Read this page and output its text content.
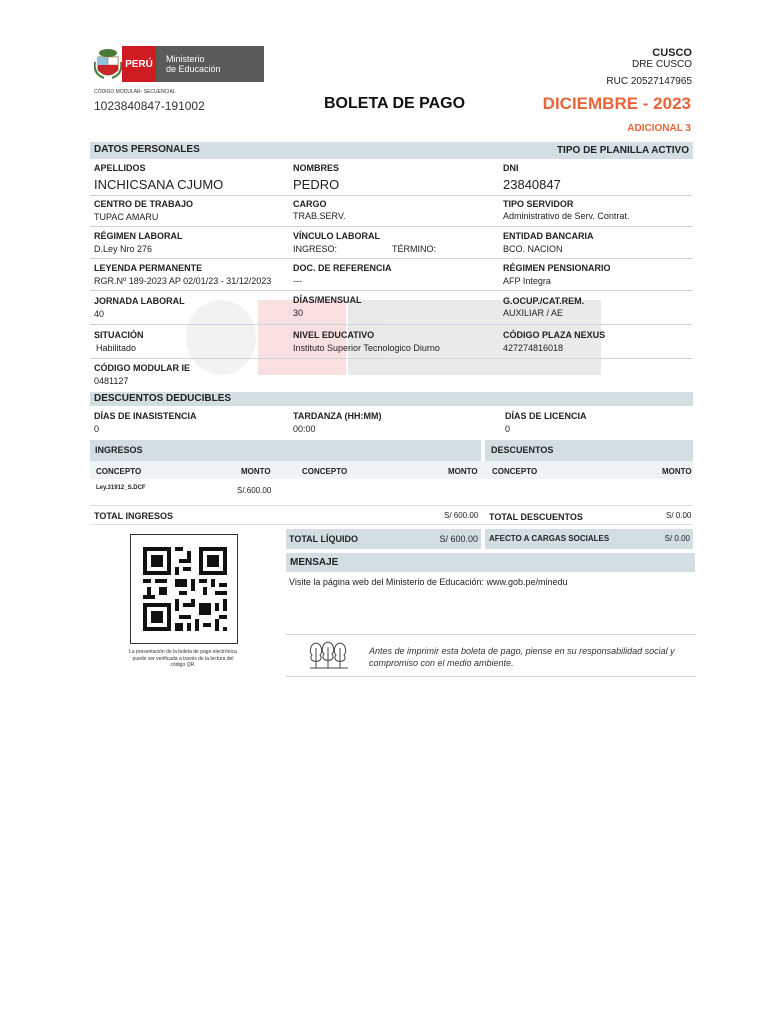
PERÚ	Ministerio
de Educación
CÓDIGO MODULAR- SECUENCIAL
1023840847-191002	BOLETA DE PAGO
CUSCO
DRE CUSCO
RUC 20527147965
DICIEMBRE - 2023
ADICIONAL 3
DATOS PERSONALES	TIPO DE PLANILLA ACTIVO
APELLIDOS
INCHICSANA CJUMO
NOMBRES
PEDRO
DNI
23840847
CENTRO DE TRABAJO
TUPAC AMARU
CARGO
TRAB.SERV.
TIPO SERVIDOR
Administrativo de Serv. Contrat.
RÉGIMEN LABORAL
D.Ley Nro 276
VÍNCULO LABORAL
INGRESO:	TÉRMINO:
ENTIDAD BANCARIA
BCO. NACION
LEYENDA PERMANENTE
RGR.Nº 189-2023 AP 02/01/23 - 31/12/2023
DOC. DE REFERENCIA
---
RÉGIMEN PENSIONARIO
AFP Integra
JORNADA LABORAL
40
DÍAS/MENSUAL
30
G.OCUP./CAT.REM.
AUXILIAR / AE
SITUACIÓN
Habilitado
NIVEL EDUCATIVO
Instituto Superior Tecnologico Diurno
CÓDIGO PLAZA NEXUS
427274816018
CÓDIGO MODULAR IE
0481127
DESCUENTOS DEDUCIBLES
DÍAS DE INASISTENCIA
0
TARDANZA (HH:MM)
00:00
DÍAS DE LICENCIA
0
INGRESOS	DESCUENTOS
CONCEPTO	MONTO	CONCEPTO	MONTO CONCEPTO	MONTO
Ley.31912_S.DCF	S/.600.00
TOTAL INGRESOS	S/ 600.00 TOTAL DESCUENTOS	S/ 0.00
TOTAL LÍQUIDO	S/ 600.00 AFECTO A CARGAS SOCIALES	S/ 0.00
MENSAJE
Visite la página web del Ministerio de Educación: www.gob.pe/minedu
La presentación de la boleta de pago electrónica
puede ser verificada a través de la lectura del
código QR.
Antes de imprimir esta boleta de pago, piense en su responsabilidad social y
compromiso con el medio ambiente.
